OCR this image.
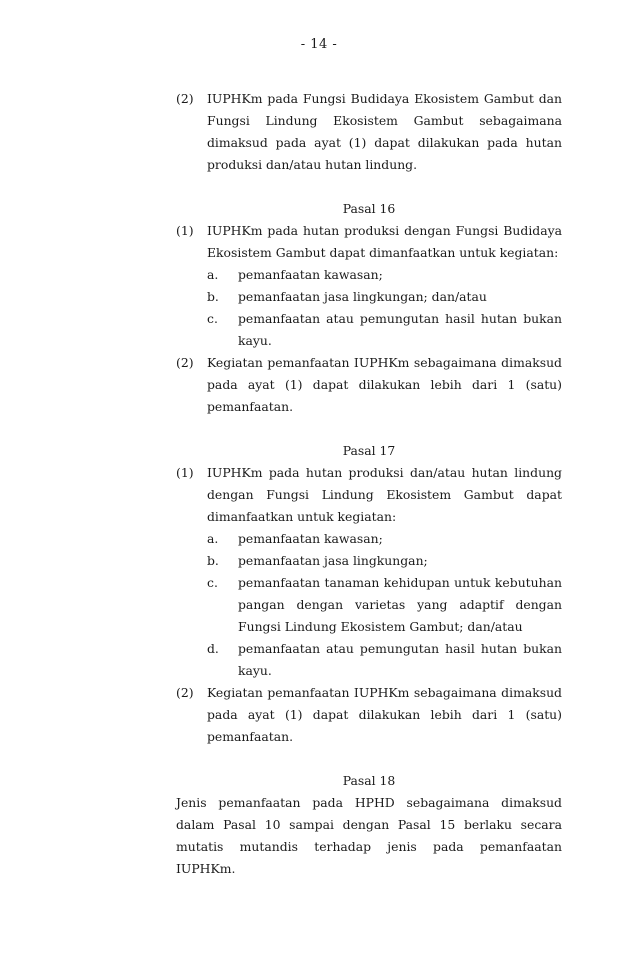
- 14 -
(2)	IUPHKm pada Fungsi Budidaya Ekosistem Gambut dan Fungsi Lindung Ekosistem Gambut sebagaimana dimaksud pada ayat (1) dapat dilakukan pada hutan produksi dan/atau hutan lindung.
Pasal 16
(1)	IUPHKm pada hutan produksi dengan Fungsi Budidaya Ekosistem Gambut dapat dimanfaatkan untuk kegiatan:
a.	pemanfaatan kawasan;
b.	pemanfaatan jasa lingkungan; dan/atau
c.	pemanfaatan atau pemungutan hasil hutan bukan kayu.
(2)	Kegiatan pemanfaatan IUPHKm sebagaimana dimaksud pada ayat (1) dapat dilakukan lebih dari 1 (satu) pemanfaatan.
Pasal 17
(1)	IUPHKm pada hutan produksi dan/atau hutan lindung dengan Fungsi Lindung Ekosistem Gambut dapat dimanfaatkan untuk kegiatan:
a.	pemanfaatan kawasan;
b.	pemanfaatan jasa lingkungan;
c.	pemanfaatan tanaman kehidupan untuk kebutuhan pangan dengan varietas yang adaptif dengan Fungsi Lindung Ekosistem Gambut; dan/atau
d.	pemanfaatan atau pemungutan hasil hutan bukan kayu.
(2)	Kegiatan pemanfaatan IUPHKm sebagaimana dimaksud pada ayat (1) dapat dilakukan lebih dari 1 (satu) pemanfaatan.
Pasal 18
Jenis pemanfaatan pada HPHD sebagaimana dimaksud dalam Pasal 10 sampai dengan Pasal 15 berlaku secara mutatis mutandis terhadap jenis pada pemanfaatan IUPHKm.
